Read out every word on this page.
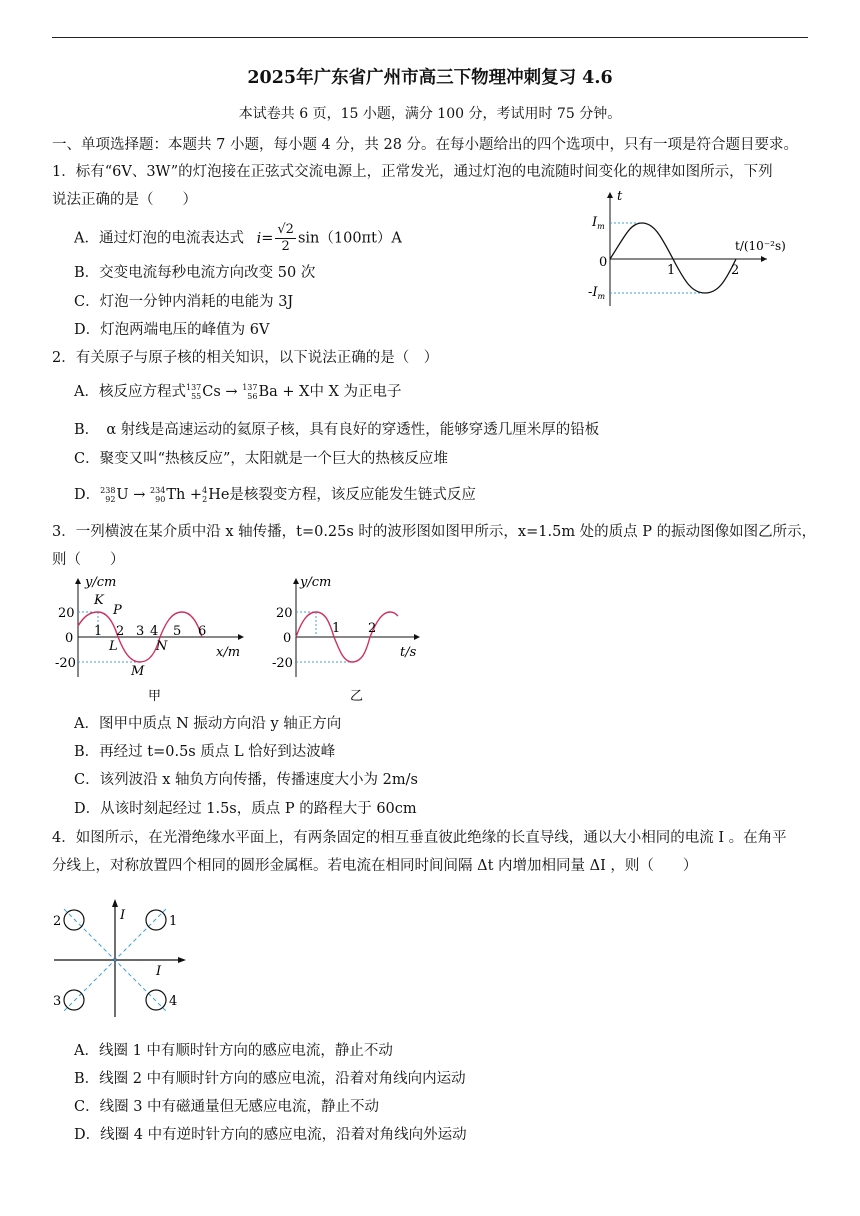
2025年广东省广州市高三下物理冲刺复习 4.6
本试卷共 6 页，15 小题，满分 100 分，考试用时 75 分钟。
一、单项选择题：本题共 7 小题，每小题 4 分，共 28 分。在每小题给出的四个选项中，只有一项是符合题目要求。
1．标有“6V、3W”的灯泡接在正弦式交流电源上，正常发光，通过灯泡的电流随时间变化的规律如图所示，下列
说法正确的是（　　）
A．通过灯泡的电流表达式 $i= \frac{√2}{2} \sin(100\pi t)A$
B．交变电流每秒电流方向改变 50 次
C．灯泡一分钟内消耗的电能为 3J
D．灯泡两端电压的峰值为 6V
t
t/(10⁻²s)
$I_m$
$-I_m$
0
1	2
2．有关原子与原子核的相关知识，以下说法正确的是（　）
A．核反应方程式 137
55 Cs → 137
56 Ba + X中 X 为正电子
B．　α 射线是高速运动的氦原子核，具有良好的穿透性，能够穿透几厘米厚的铅板
C．聚变又叫“热核反应”，太阳就是一个巨大的热核反应堆
D． 238
92 U → 234
90 Th + 4
2 He是核裂变方程，该反应能发生链式反应
3．一列横波在某介质中沿 x 轴传播，t=0.25s 时的波形图如图甲所示，x=1.5m 处的质点 P 的振动图像如图乙所示，
则（　　）
y/cm
x/m
20
0
-20
K
P
L
M
N
1 2 3 4 5 6
甲
y/cm
t/s
20
0
-20
1 2
乙
A．图甲中质点 N 振动方向沿 y 轴正方向
B．再经过 t=0.5s 质点 L 恰好到达波峰
C．该列波沿 x 轴负方向传播，传播速度大小为 2m/s
D．从该时刻起经过 1.5s，质点 P 的路程大于 60cm
4．如图所示，在光滑绝缘水平面上，有两条固定的相互垂直彼此绝缘的长直导线，通以大小相同的电流 I 。在角平
分线上，对称放置四个相同的圆形金属框。若电流在相同时间间隔 Δt 内增加相同量 ΔI ，则（　　）
1
2
3	4
I
I
A．线圈 1 中有顺时针方向的感应电流，静止不动
B．线圈 2 中有顺时针方向的感应电流，沿着对角线向内运动
C．线圈 3 中有磁通量但无感应电流，静止不动
D．线圈 4 中有逆时针方向的感应电流，沿着对角线向外运动
